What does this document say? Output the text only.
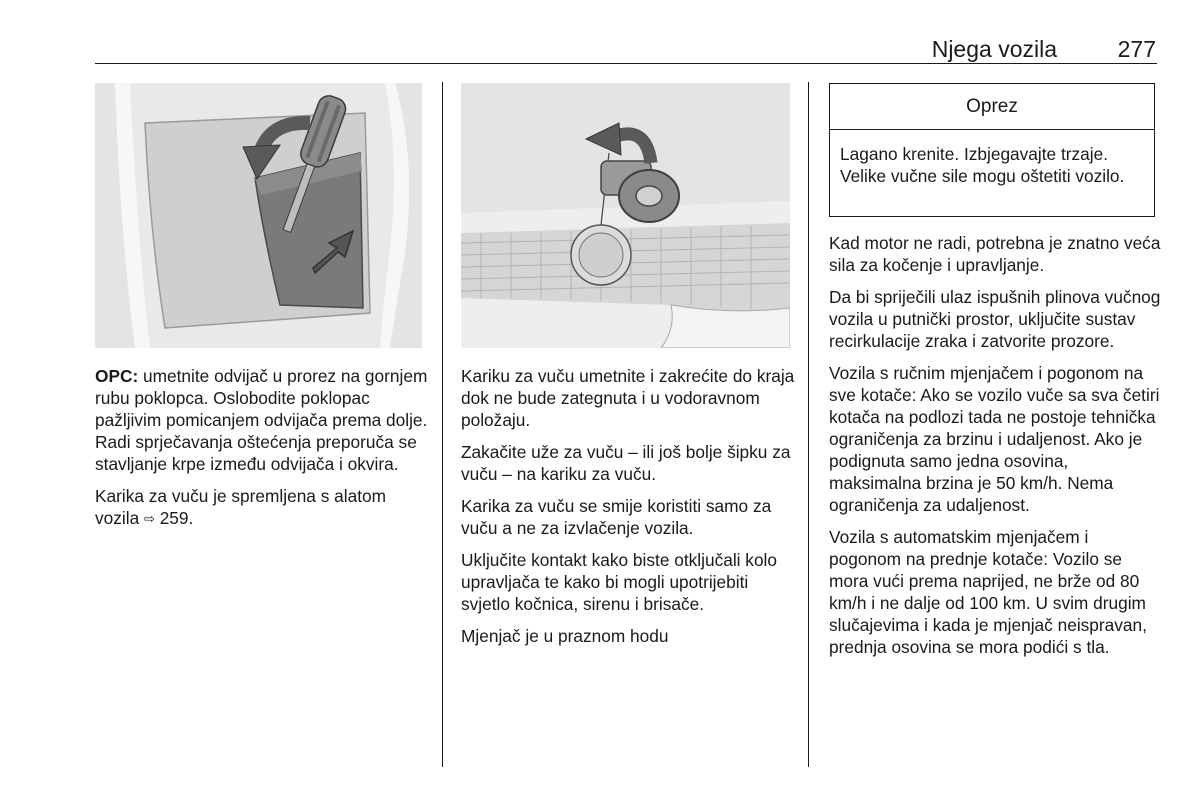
Njega vozila	277

OPC: umetnite odvijač u prorez na gornjem rubu poklopca. Oslobodite poklopac pažljivim pomicanjem odvijača prema dolje. Radi sprječavanja oštećenja preporuča se stavljanje krpe između odvijača i okvira.

Karika za vuču je spremljena s alatom vozila ⇨ 259.

Kariku za vuču umetnite i zakrećite do kraja dok ne bude zategnuta i u vodoravnom položaju.

Zakačite uže za vuču – ili još bolje šipku za vuču – na kariku za vuču.

Karika za vuču se smije koristiti samo za vuču a ne za izvlačenje vozila.

Uključite kontakt kako biste otključali kolo upravljača te kako bi mogli upotrijebiti svjetlo kočnica, sirenu i brisače.

Mjenjač je u praznom hodu

Oprez
Lagano krenite. Izbjegavajte trzaje. Velike vučne sile mogu oštetiti vozilo.

Kad motor ne radi, potrebna je znatno veća sila za kočenje i upravljanje.

Da bi spriječili ulaz ispušnih plinova vučnog vozila u putnički prostor, uključite sustav recirkulacije zraka i zatvorite prozore.

Vozila s ručnim mjenjačem i pogonom na sve kotače: Ako se vozilo vuče sa sva četiri kotača na podlozi tada ne postoje tehnička ograničenja za brzinu i udaljenost. Ako je podignuta samo jedna osovina, maksimalna brzina je 50 km/h. Nema ograničenja za udaljenost.

Vozila s automatskim mjenjačem i pogonom na prednje kotače: Vozilo se mora vući prema naprijed, ne brže od 80 km/h i ne dalje od 100 km. U svim drugim slučajevima i kada je mjenjač neispravan, prednja osovina se mora podići s tla.
